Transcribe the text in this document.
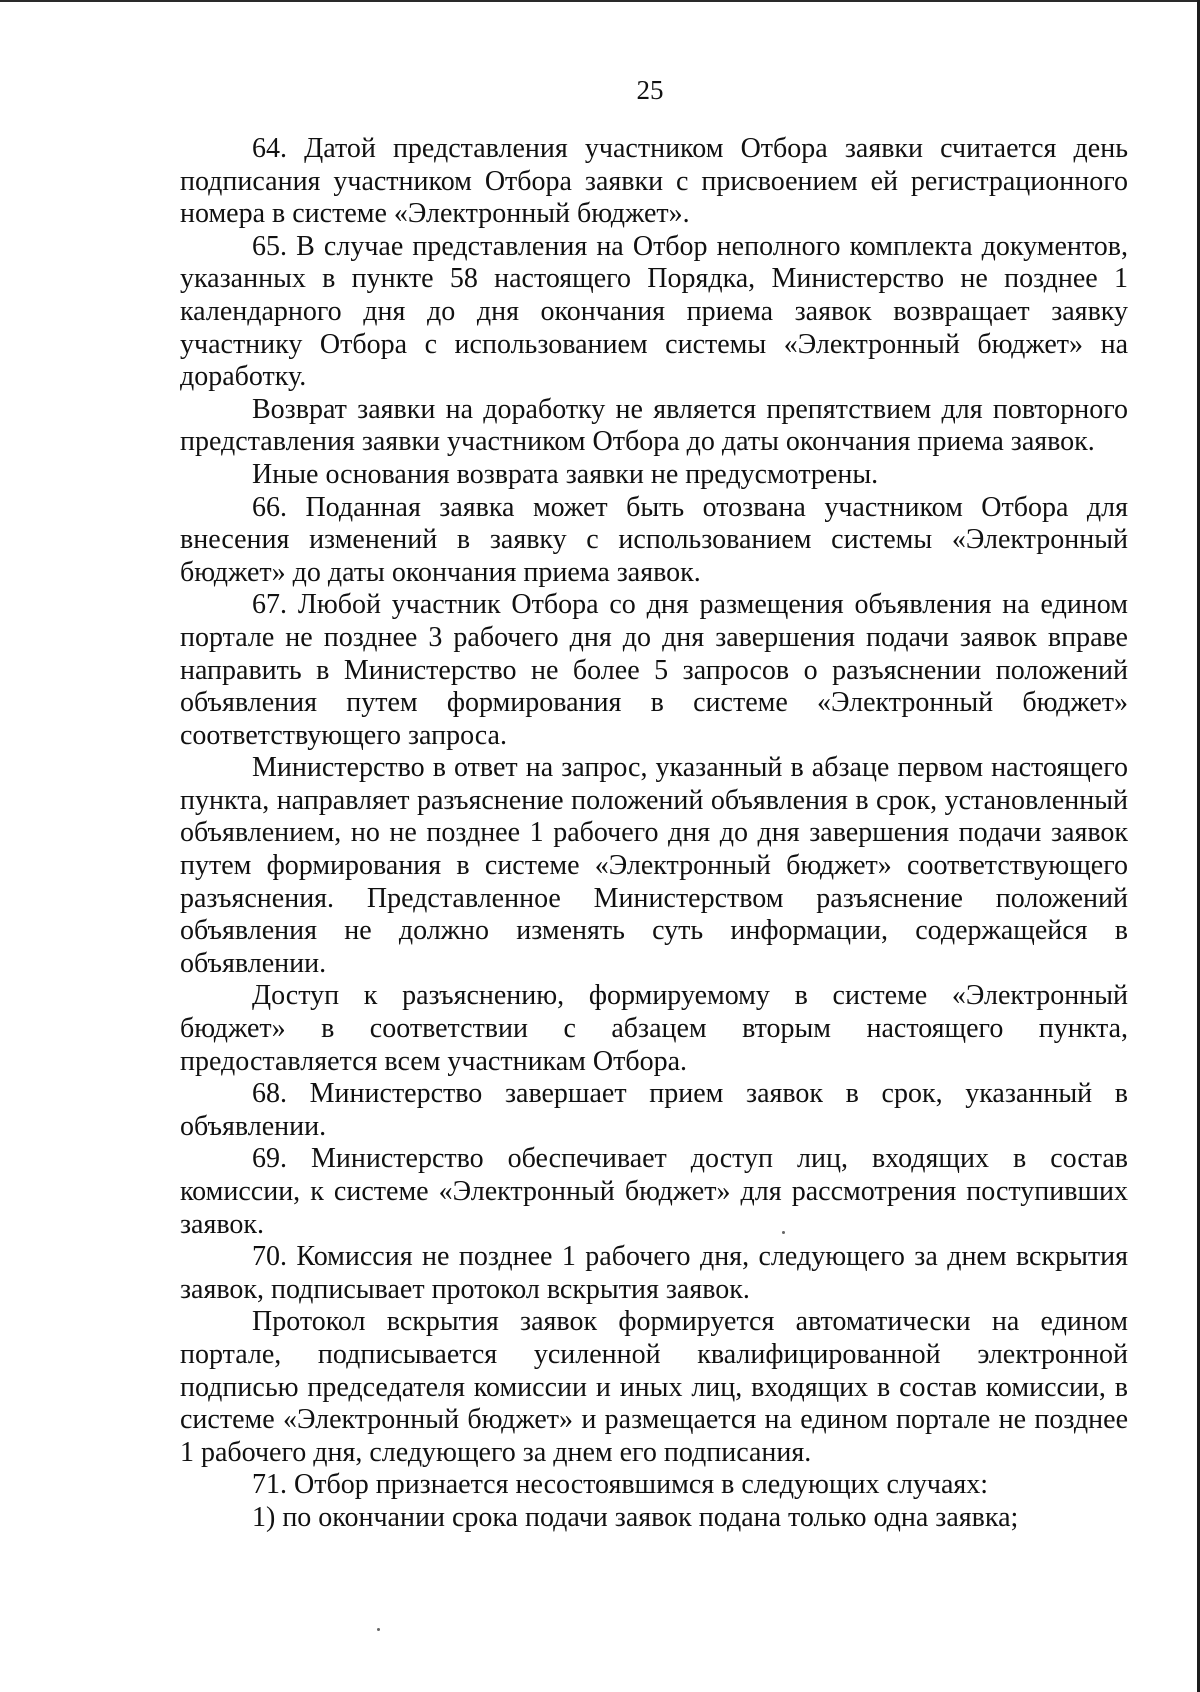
25

64. Датой представления участником Отбора заявки считается день подписания участником Отбора заявки с присвоением ей регистрационного номера в системе «Электронный бюджет».

65. В случае представления на Отбор неполного комплекта документов, указанных в пункте 58 настоящего Порядка, Министерство не позднее 1 календарного дня до дня окончания приема заявок возвращает заявку участнику Отбора с использованием системы «Электронный бюджет» на доработку.

Возврат заявки на доработку не является препятствием для повторного представления заявки участником Отбора до даты окончания приема заявок.

Иные основания возврата заявки не предусмотрены.

66. Поданная заявка может быть отозвана участником Отбора для внесения изменений в заявку с использованием системы «Электронный бюджет» до даты окончания приема заявок.

67. Любой участник Отбора со дня размещения объявления на едином портале не позднее 3 рабочего дня до дня завершения подачи заявок вправе направить в Министерство не более 5 запросов о разъяснении положений объявления путем формирования в системе «Электронный бюджет» соответствующего запроса.

Министерство в ответ на запрос, указанный в абзаце первом настоящего пункта, направляет разъяснение положений объявления в срок, установленный объявлением, но не позднее 1 рабочего дня до дня завершения подачи заявок путем формирования в системе «Электронный бюджет» соответствующего разъяснения. Представленное Министерством разъяснение положений объявления не должно изменять суть информации, содержащейся в объявлении.

Доступ к разъяснению, формируемому в системе «Электронный бюджет» в соответствии с абзацем вторым настоящего пункта, предоставляется всем участникам Отбора.

68. Министерство завершает прием заявок в срок, указанный в объявлении.

69. Министерство обеспечивает доступ лиц, входящих в состав комиссии, к системе «Электронный бюджет» для рассмотрения поступивших заявок.

70. Комиссия не позднее 1 рабочего дня, следующего за днем вскрытия заявок, подписывает протокол вскрытия заявок.

Протокол вскрытия заявок формируется автоматически на едином портале, подписывается усиленной квалифицированной электронной подписью председателя комиссии и иных лиц, входящих в состав комиссии, в системе «Электронный бюджет» и размещается на едином портале не позднее 1 рабочего дня, следующего за днем его подписания.

71. Отбор признается несостоявшимся в следующих случаях:

1) по окончании срока подачи заявок подана только одна заявка;
